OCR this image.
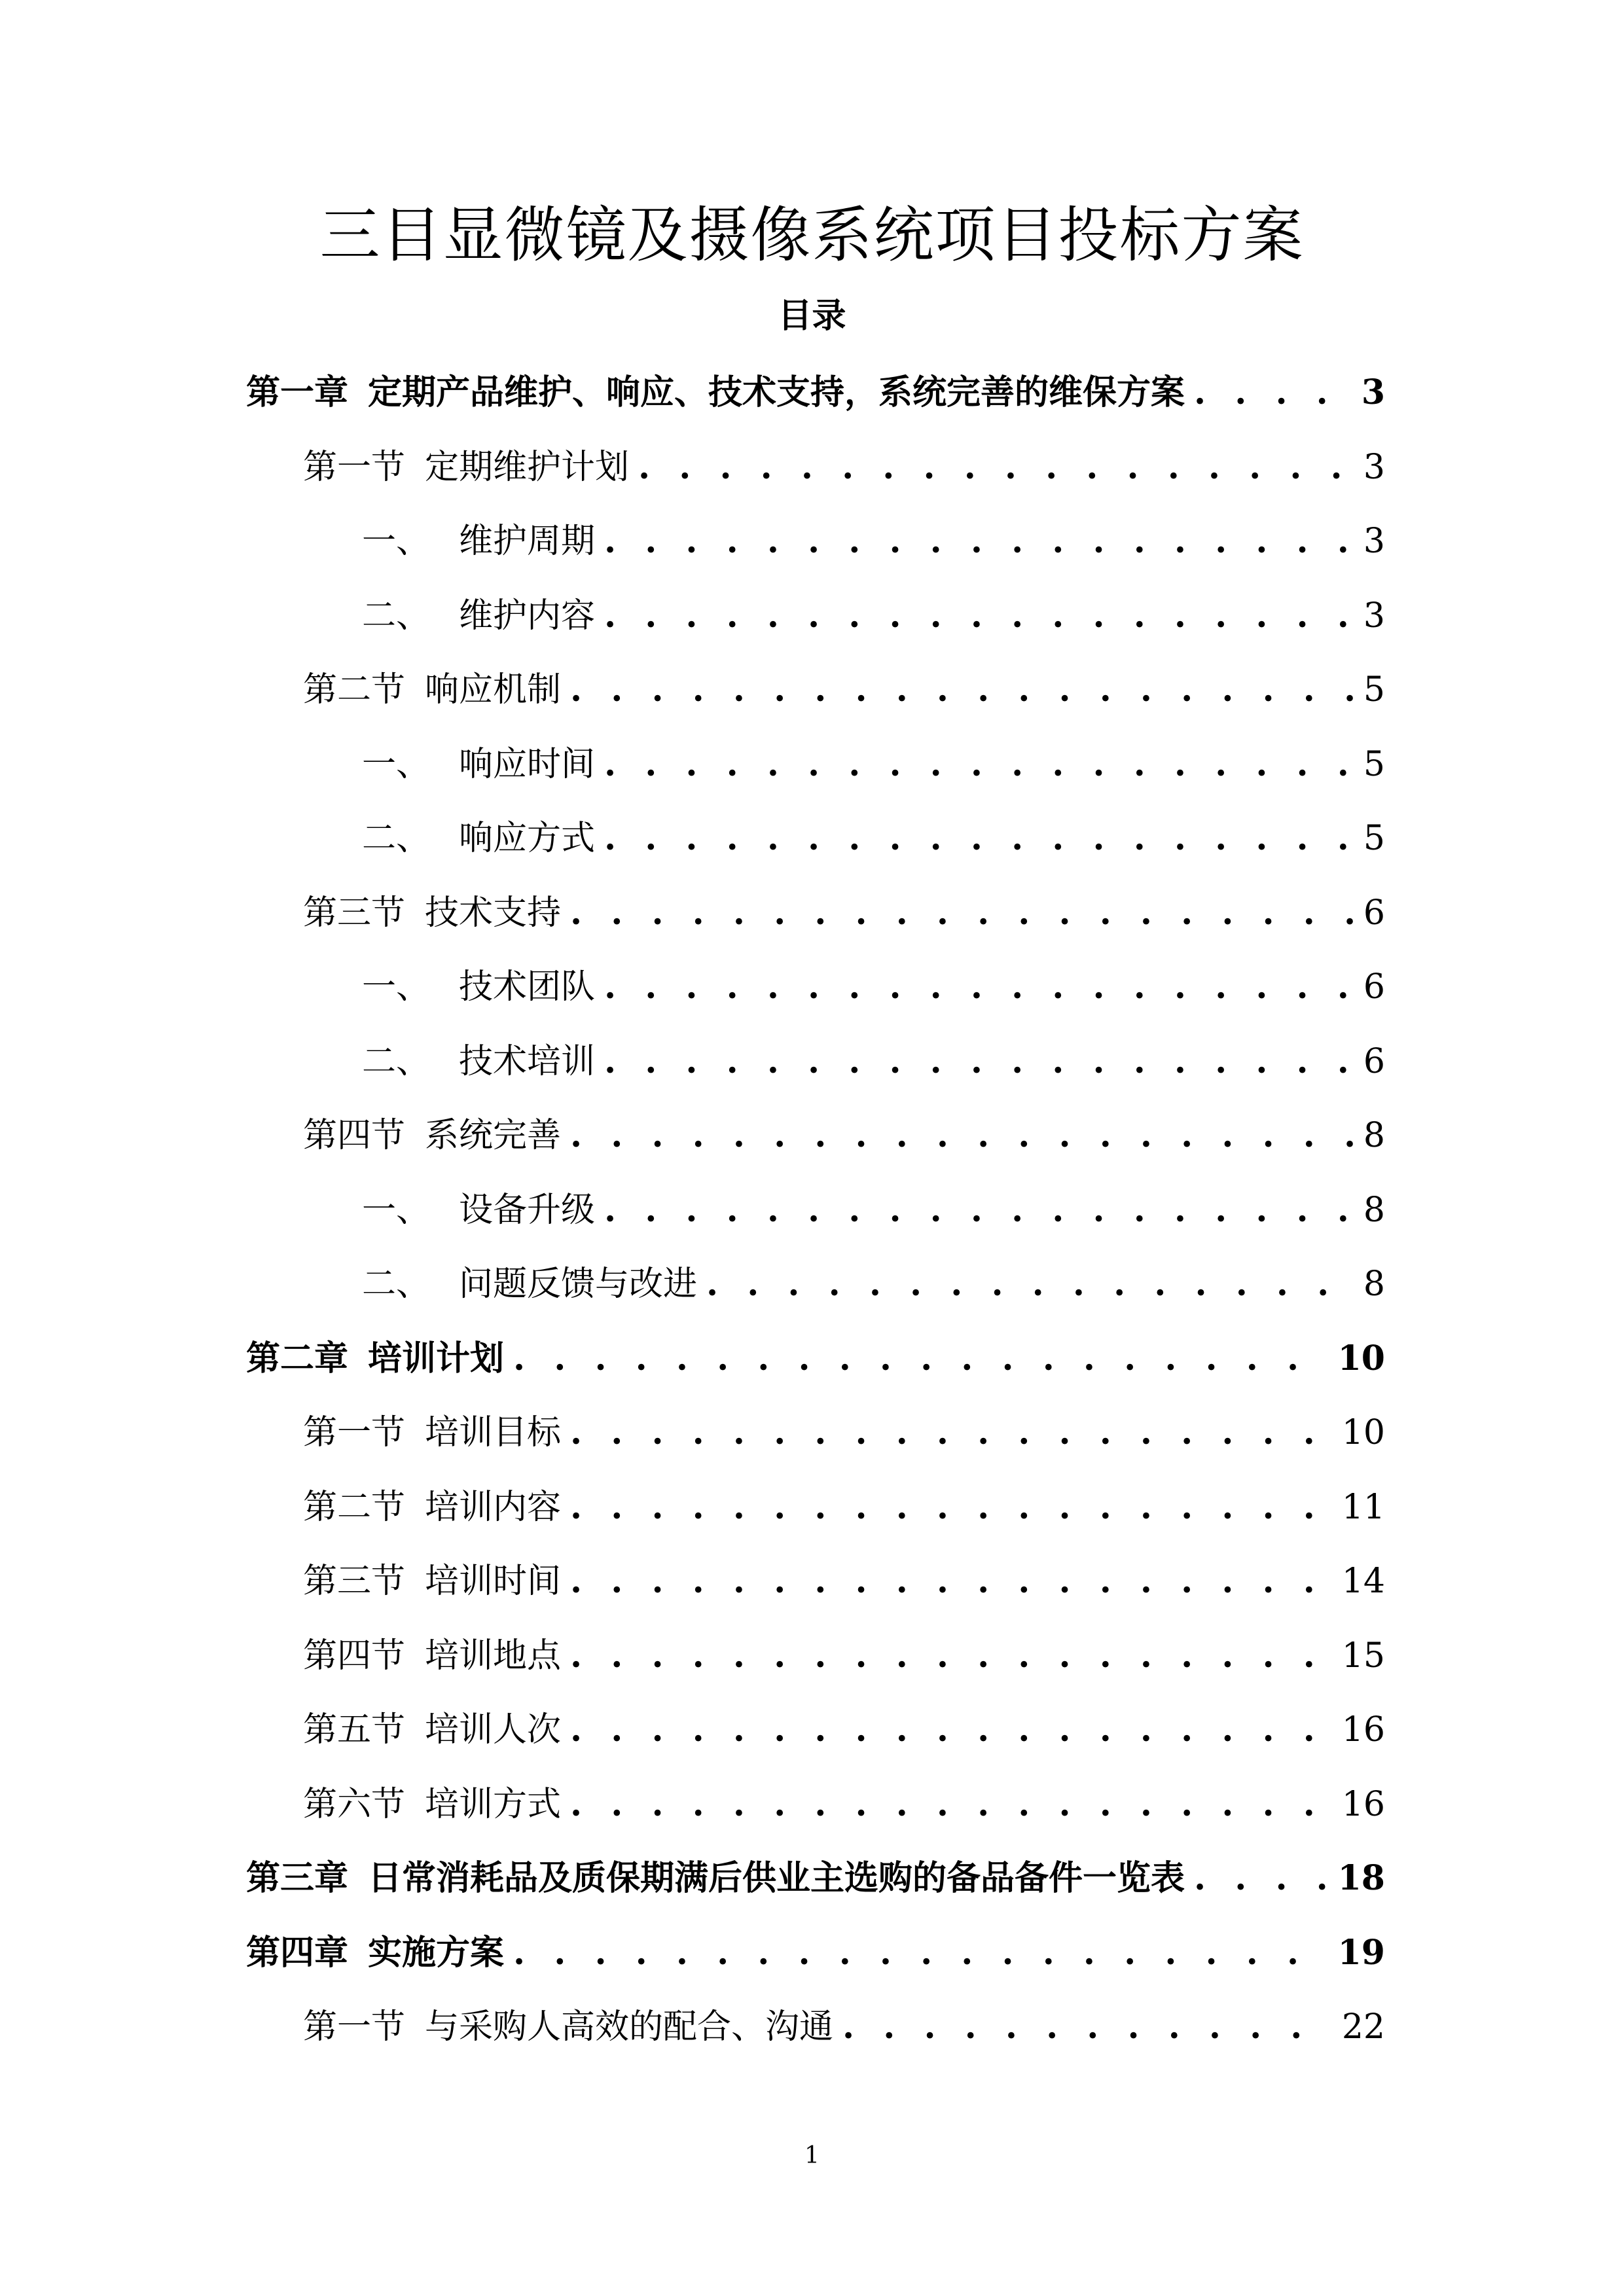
三目显微镜及摄像系统项目投标方案
目录
第一章 定期产品维护、响应、技术支持，系统完善的维保方案 . . .	3
第一节 定期维护计划 . . .	3
一、 维护周期 . . .	3
二、 维护内容 . . .	3
第二节 响应机制 . . .	5
一、 响应时间 . . .	5
二、 响应方式 . . .	5
第三节 技术支持 . . .	6
一、 技术团队 . . .	6
二、 技术培训 . . .	6
第四节 系统完善 . . .	8
一、 设备升级 . . .	8
二、 问题反馈与改进 . . .	8
第二章 培训计划 . . .	10
第一节 培训目标 . . .	10
第二节 培训内容 . . .	11
第三节 培训时间 . . .	14
第四节 培训地点 . . .	15
第五节 培训人次 . . .	16
第六节 培训方式 . . .	16
第三章 日常消耗品及质保期满后供业主选购的备品备件一览表 . . .	18
第四章 实施方案 . . .	19
第一节 与采购人高效的配合、沟通 . . .	22
1
